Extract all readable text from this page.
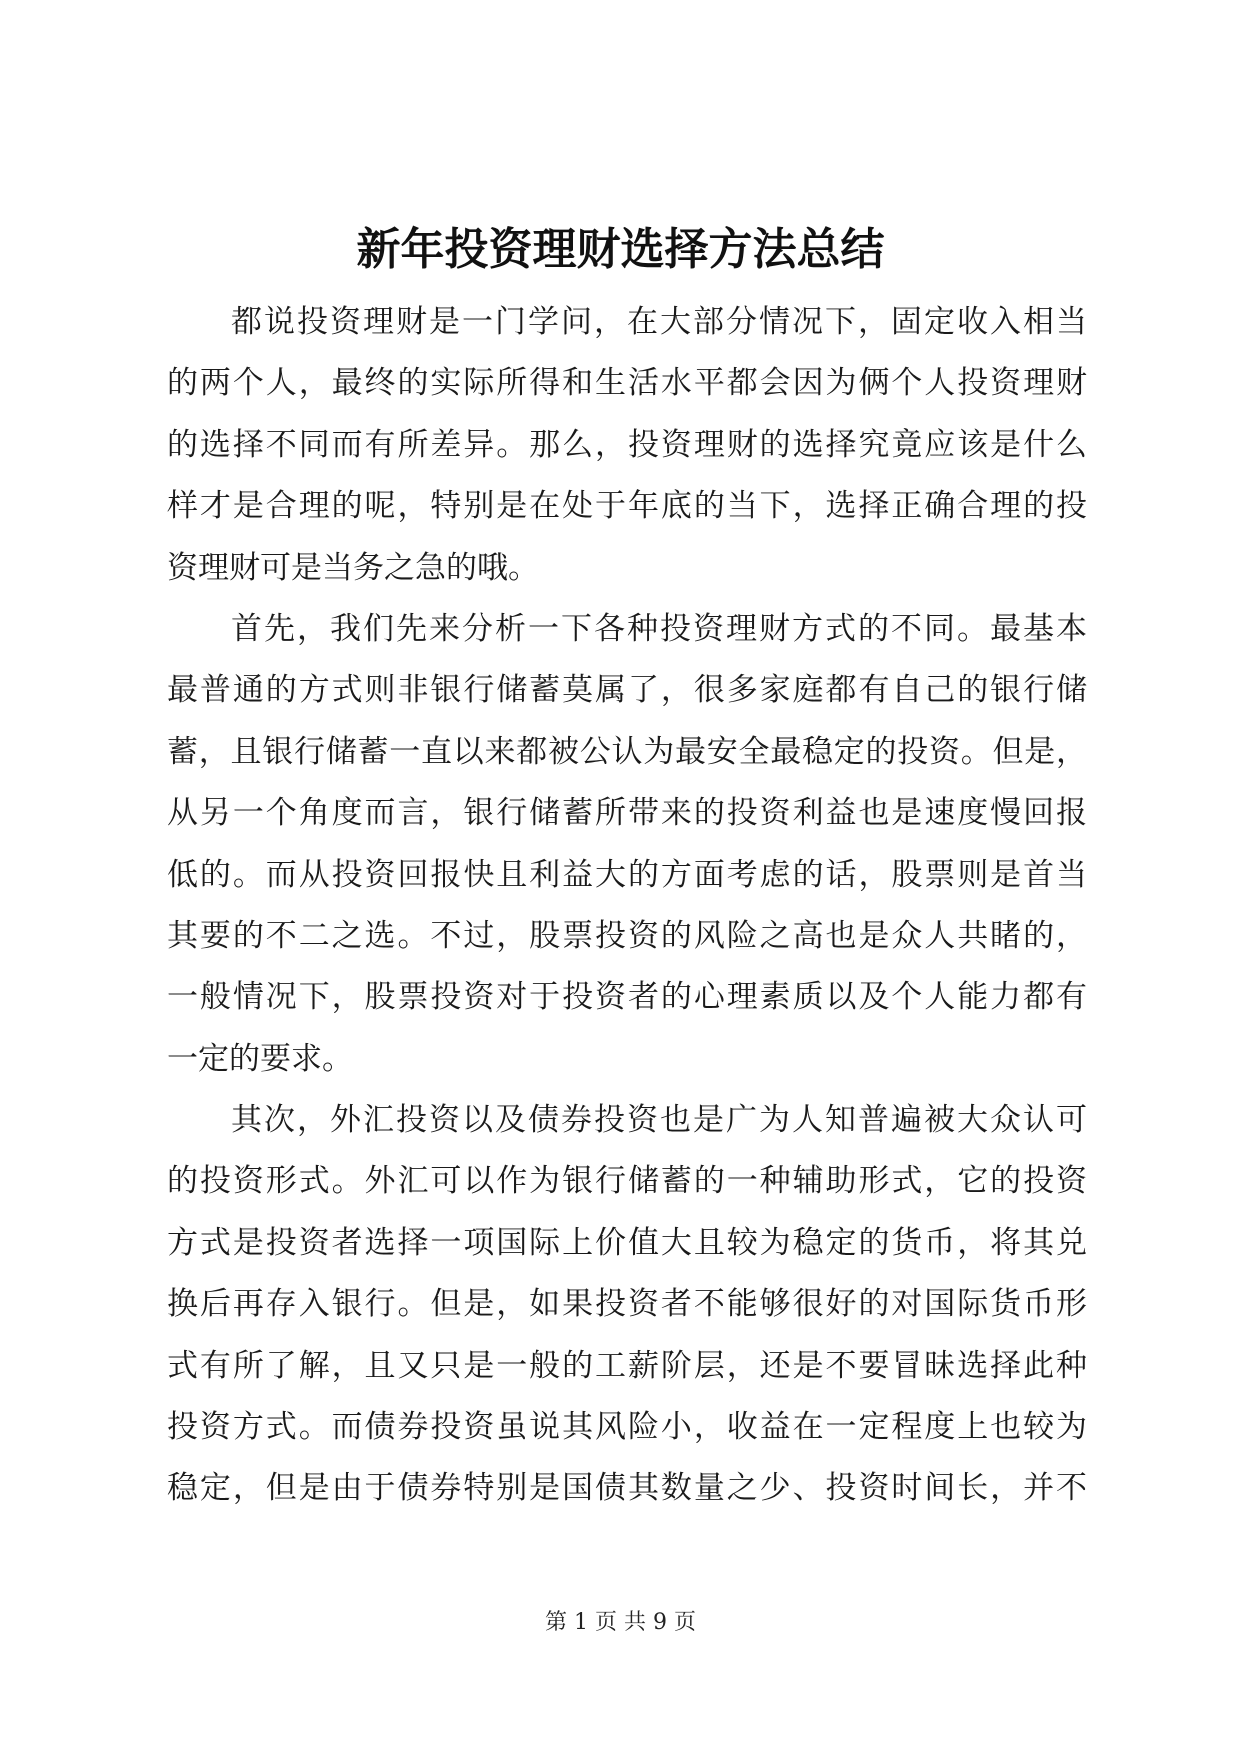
新年投资理财选择方法总结
都说投资理财是一门学问，在大部分情况下，固定收入相当
的两个人，最终的实际所得和生活水平都会因为俩个人投资理财
的选择不同而有所差异。那么，投资理财的选择究竟应该是什么
样才是合理的呢，特别是在处于年底的当下，选择正确合理的投
资理财可是当务之急的哦。
首先，我们先来分析一下各种投资理财方式的不同。最基本
最普通的方式则非银行储蓄莫属了，很多家庭都有自己的银行储
蓄，且银行储蓄一直以来都被公认为最安全最稳定的投资。但是，
从另一个角度而言，银行储蓄所带来的投资利益也是速度慢回报
低的。而从投资回报快且利益大的方面考虑的话，股票则是首当
其要的不二之选。不过，股票投资的风险之高也是众人共睹的，
一般情况下，股票投资对于投资者的心理素质以及个人能力都有
一定的要求。
其次，外汇投资以及债券投资也是广为人知普遍被大众认可
的投资形式。外汇可以作为银行储蓄的一种辅助形式，它的投资
方式是投资者选择一项国际上价值大且较为稳定的货币，将其兑
换后再存入银行。但是，如果投资者不能够很好的对国际货币形
式有所了解，且又只是一般的工薪阶层，还是不要冒昧选择此种
投资方式。而债券投资虽说其风险小，收益在一定程度上也较为
稳定，但是由于债券特别是国债其数量之少、投资时间长，并不
第 1 页 共 9 页
